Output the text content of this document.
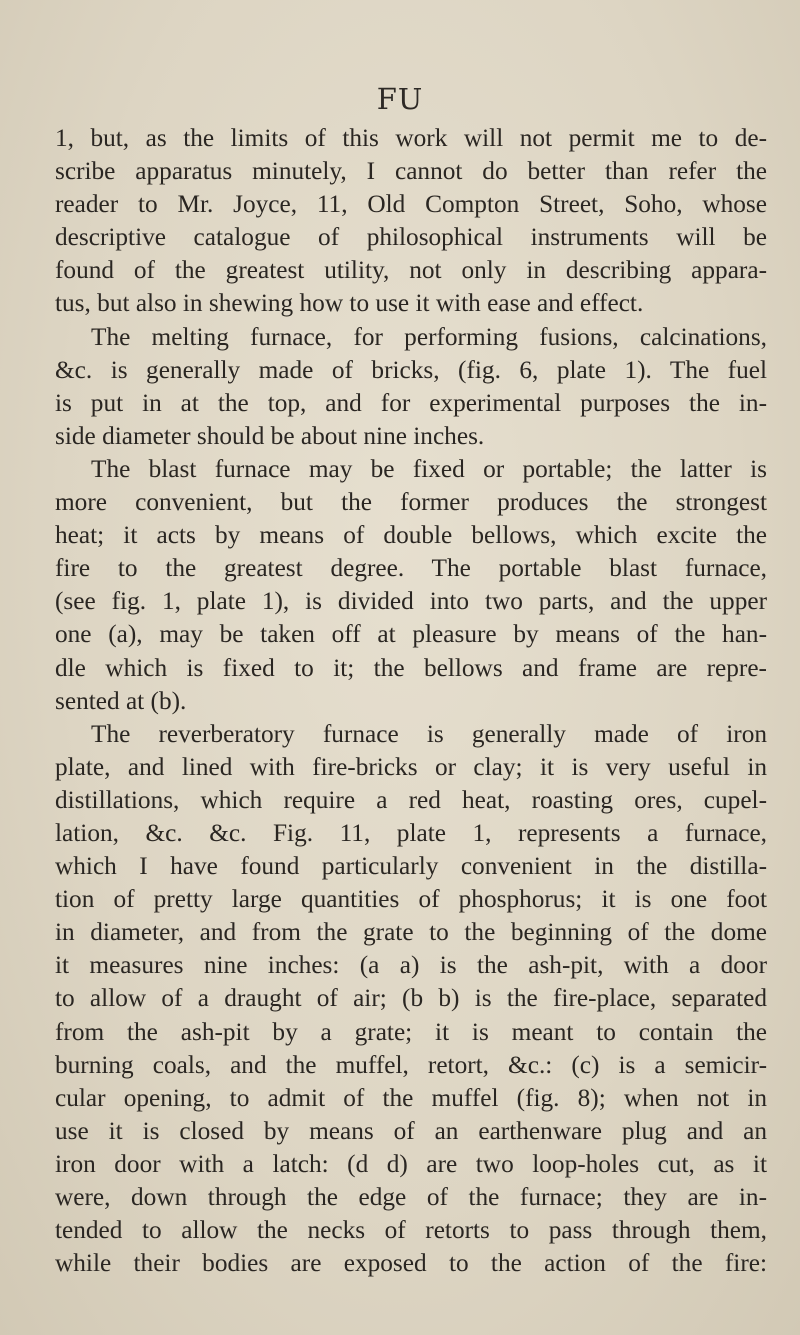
FU
1, but, as the limits of this work will not permit me to de-
scribe apparatus minutely, I cannot do better than refer the
reader to Mr. Joyce, 11, Old Compton Street, Soho, whose
descriptive catalogue of philosophical instruments will be
found of the greatest utility, not only in describing appara-
tus, but also in shewing how to use it with ease and effect.
The melting furnace, for performing fusions, calcinations,
&c. is generally made of bricks, (fig. 6, plate 1). The fuel
is put in at the top, and for experimental purposes the in-
side diameter should be about nine inches.
The blast furnace may be fixed or portable; the latter is
more convenient, but the former produces the strongest
heat; it acts by means of double bellows, which excite the
fire to the greatest degree. The portable blast furnace,
(see fig. 1, plate 1), is divided into two parts, and the upper
one (a), may be taken off at pleasure by means of the han-
dle which is fixed to it; the bellows and frame are repre-
sented at (b).
The reverberatory furnace is generally made of iron
plate, and lined with fire-bricks or clay; it is very useful in
distillations, which require a red heat, roasting ores, cupel-
lation, &c. &c. Fig. 11, plate 1, represents a furnace,
which I have found particularly convenient in the distilla-
tion of pretty large quantities of phosphorus; it is one foot
in diameter, and from the grate to the beginning of the dome
it measures nine inches: (a a) is the ash-pit, with a door
to allow of a draught of air; (b b) is the fire-place, separated
from the ash-pit by a grate; it is meant to contain the
burning coals, and the muffel, retort, &c.: (c) is a semicir-
cular opening, to admit of the muffel (fig. 8); when not in
use it is closed by means of an earthenware plug and an
iron door with a latch: (d d) are two loop-holes cut, as it
were, down through the edge of the furnace; they are in-
tended to allow the necks of retorts to pass through them,
while their bodies are exposed to the action of the fire:
